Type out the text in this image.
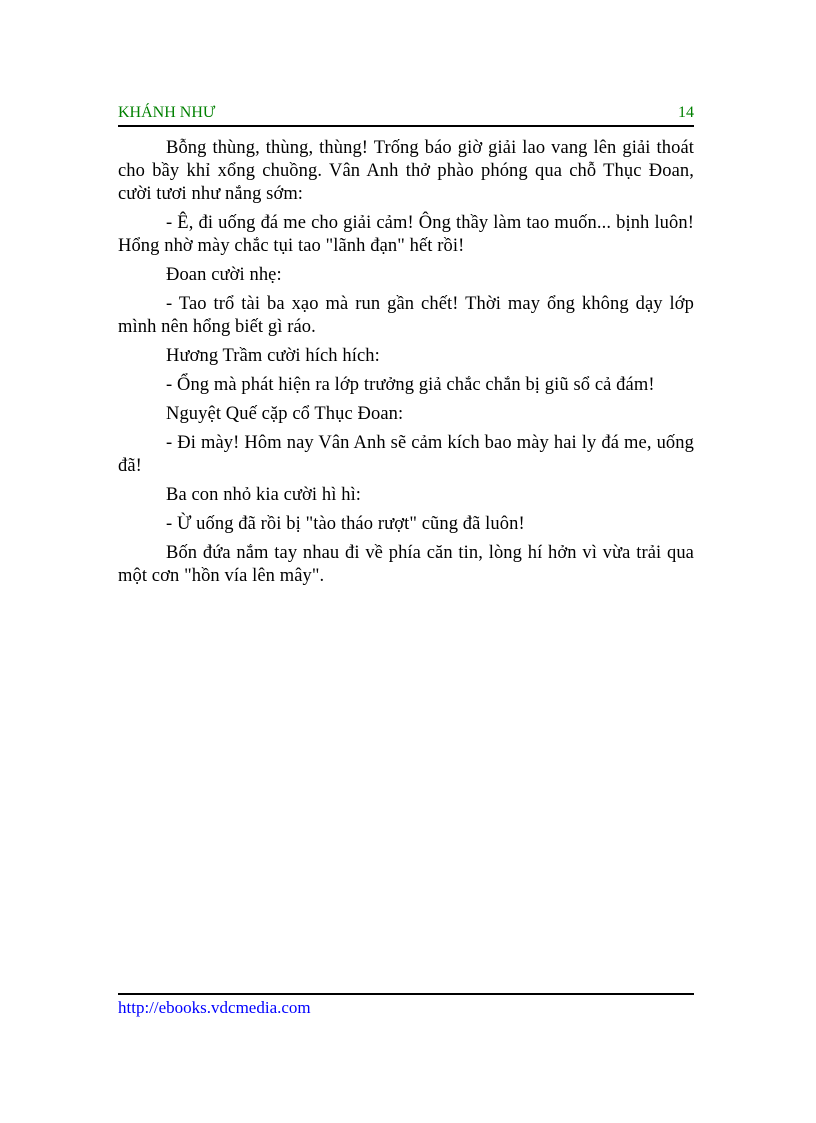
KHÁNH NHƯ	14

Bỗng thùng, thùng, thùng! Trống báo giờ giải lao vang lên giải thoát cho bầy khỉ xổng chuồng. Vân Anh thở phào phóng qua chỗ Thục Đoan, cười tươi như nắng sớm:

- Ê, đi uống đá me cho giải cảm! Ông thầy làm tao muốn... bịnh luôn! Hổng nhờ mày chắc tụi tao "lãnh đạn" hết rồi!

Đoan cười nhẹ:

- Tao trổ tài ba xạo mà run gần chết! Thời may ổng không dạy lớp mình nên hổng biết gì ráo.

Hương Trầm cười hích hích:

- Ổng mà phát hiện ra lớp trưởng giả chắc chắn bị giũ sổ cả đám!

Nguyệt Quế cặp cổ Thục Đoan:

- Đi mày! Hôm nay Vân Anh sẽ cảm kích bao mày hai ly đá me, uống đã!

Ba con nhỏ kia cười hì hì:

- Ừ uống đã rồi bị "tào tháo rượt" cũng đã luôn!

Bốn đứa nắm tay nhau đi về phía căn tin, lòng hí hởn vì vừa trải qua một cơn "hồn vía lên mây".

http://ebooks.vdcmedia.com
